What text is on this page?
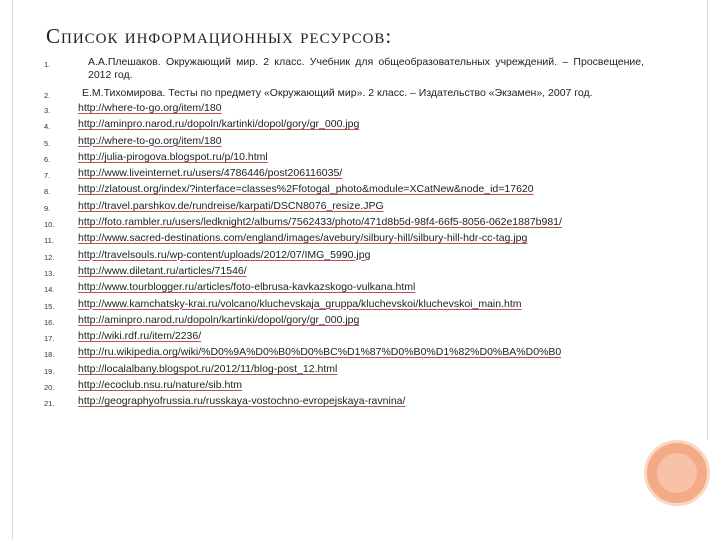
Список информационных ресурсов:
1.	А.А.Плешаков. Окружающий мир. 2 класс. Учебник для общеобразовательных учреждений. – Просвещение, 2012 год.
2.	Е.М.Тихомирова. Тесты по предмету «Окружающий мир». 2 класс. – Издательство «Экзамен», 2007 год.
3.	http://where-to-go.org/item/180
4.	http://aminpro.narod.ru/dopoln/kartinki/dopol/gory/gr_000.jpg
5.	http://where-to-go.org/item/180
6.	http://julia-pirogova.blogspot.ru/p/10.html
7.	http://www.liveinternet.ru/users/4786446/post206116035/
8.	http://zlatoust.org/index/?interface=classes%2Ffotogal_photo&module=XCatNew&node_id=17620
9.	http://travel.parshkov.de/rundreise/karpati/DSCN8076_resize.JPG
10. http://foto.rambler.ru/users/ledknight2/albums/7562433/photo/471d8b5d-98f4-66f5-8056-062e1887b981/
11. http://www.sacred-destinations.com/england/images/avebury/silbury-hill/silbury-hill-hdr-cc-tag.jpg
12. http://travelsouls.ru/wp-content/uploads/2012/07/IMG_5990.jpg
13. http://www.diletant.ru/articles/71546/
14. http://www.tourblogger.ru/articles/foto-elbrusa-kavkazskogo-vulkana.html
15. http://www.kamchatsky-krai.ru/volcano/kluchevskaja_gruppa/kluchevskoi/kluchevskoi_main.htm
16. http://aminpro.narod.ru/dopoln/kartinki/dopol/gory/gr_000.jpg
17. http://wiki.rdf.ru/item/2236/
18. http://ru.wikipedia.org/wiki/%D0%9A%D0%B0%D0%BC%D1%87%D0%B0%D1%82%D0%BA%D0%B0
19. http://localalbany.blogspot.ru/2012/11/blog-post_12.html
20. http://ecoclub.nsu.ru/nature/sib.htm
21. http://geographyofrussia.ru/russkaya-vostochno-evropejskaya-ravnina/
